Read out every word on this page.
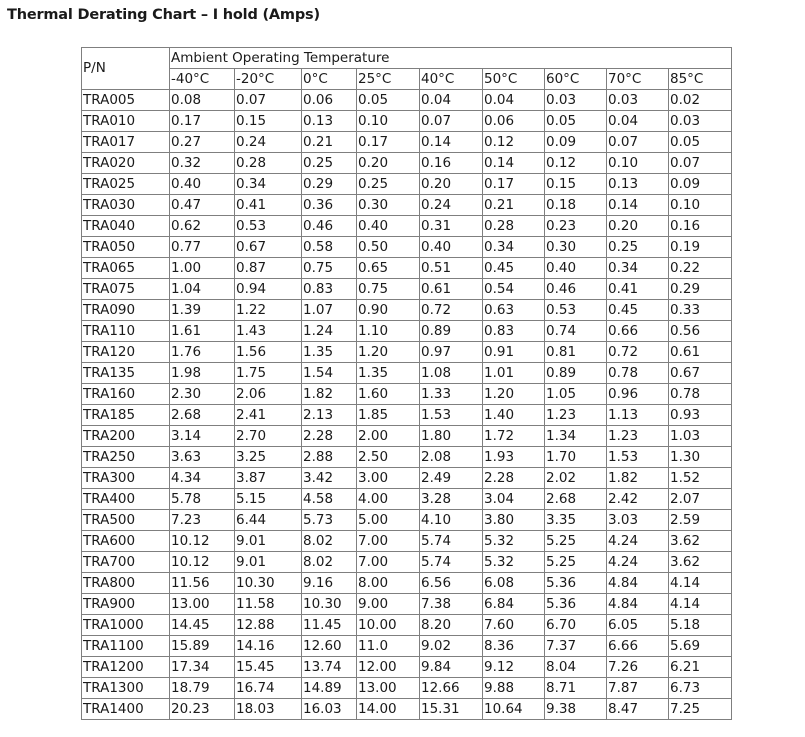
Thermal Derating Chart – I hold (Amps)
P/N	Ambient Operating Temperature								
	-40°C	-20°C	0°C	25°C	40°C	50°C	60°C	70°C	85°C
TRA005	0.08	0.07	0.06	0.05	0.04	0.04	0.03	0.03	0.02
TRA010	0.17	0.15	0.13	0.10	0.07	0.06	0.05	0.04	0.03
TRA017	0.27	0.24	0.21	0.17	0.14	0.12	0.09	0.07	0.05
TRA020	0.32	0.28	0.25	0.20	0.16	0.14	0.12	0.10	0.07
TRA025	0.40	0.34	0.29	0.25	0.20	0.17	0.15	0.13	0.09
TRA030	0.47	0.41	0.36	0.30	0.24	0.21	0.18	0.14	0.10
TRA040	0.62	0.53	0.46	0.40	0.31	0.28	0.23	0.20	0.16
TRA050	0.77	0.67	0.58	0.50	0.40	0.34	0.30	0.25	0.19
TRA065	1.00	0.87	0.75	0.65	0.51	0.45	0.40	0.34	0.22
TRA075	1.04	0.94	0.83	0.75	0.61	0.54	0.46	0.41	0.29
TRA090	1.39	1.22	1.07	0.90	0.72	0.63	0.53	0.45	0.33
TRA110	1.61	1.43	1.24	1.10	0.89	0.83	0.74	0.66	0.56
TRA120	1.76	1.56	1.35	1.20	0.97	0.91	0.81	0.72	0.61
TRA135	1.98	1.75	1.54	1.35	1.08	1.01	0.89	0.78	0.67
TRA160	2.30	2.06	1.82	1.60	1.33	1.20	1.05	0.96	0.78
TRA185	2.68	2.41	2.13	1.85	1.53	1.40	1.23	1.13	0.93
TRA200	3.14	2.70	2.28	2.00	1.80	1.72	1.34	1.23	1.03
TRA250	3.63	3.25	2.88	2.50	2.08	1.93	1.70	1.53	1.30
TRA300	4.34	3.87	3.42	3.00	2.49	2.28	2.02	1.82	1.52
TRA400	5.78	5.15	4.58	4.00	3.28	3.04	2.68	2.42	2.07
TRA500	7.23	6.44	5.73	5.00	4.10	3.80	3.35	3.03	2.59
TRA600	10.12	9.01	8.02	7.00	5.74	5.32	5.25	4.24	3.62
TRA700	10.12	9.01	8.02	7.00	5.74	5.32	5.25	4.24	3.62
TRA800	11.56	10.30	9.16	8.00	6.56	6.08	5.36	4.84	4.14
TRA900	13.00	11.58	10.30	9.00	7.38	6.84	5.36	4.84	4.14
TRA1000	14.45	12.88	11.45	10.00	8.20	7.60	6.70	6.05	5.18
TRA1100	15.89	14.16	12.60	11.0	9.02	8.36	7.37	6.66	5.69
TRA1200	17.34	15.45	13.74	12.00	9.84	9.12	8.04	7.26	6.21
TRA1300	18.79	16.74	14.89	13.00	12.66	9.88	8.71	7.87	6.73
TRA1400	20.23	18.03	16.03	14.00	15.31	10.64	9.38	8.47	7.25
